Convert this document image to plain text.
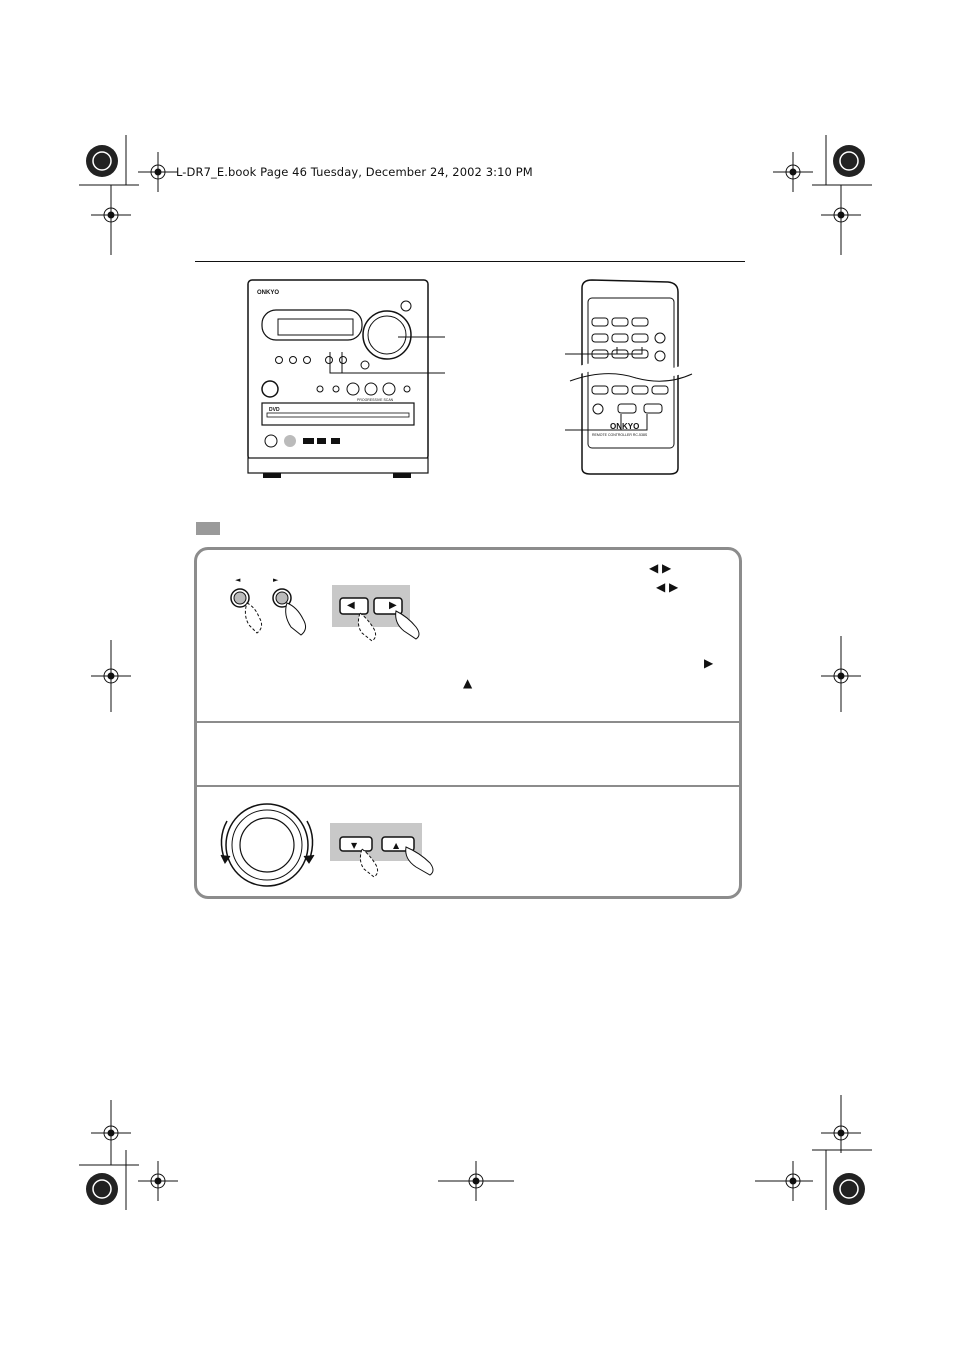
L-DR7_E.book Page 46 Tuesday, December 24, 2002 3:10 PM
ONKYO
PROGRESSIVE SCAN
DVD
ONKYO
REMOTE CONTROLLER RC-538S
◄	►
◀	▶
◀ ▶
◀ ▶
▶
▲
▼	▲
